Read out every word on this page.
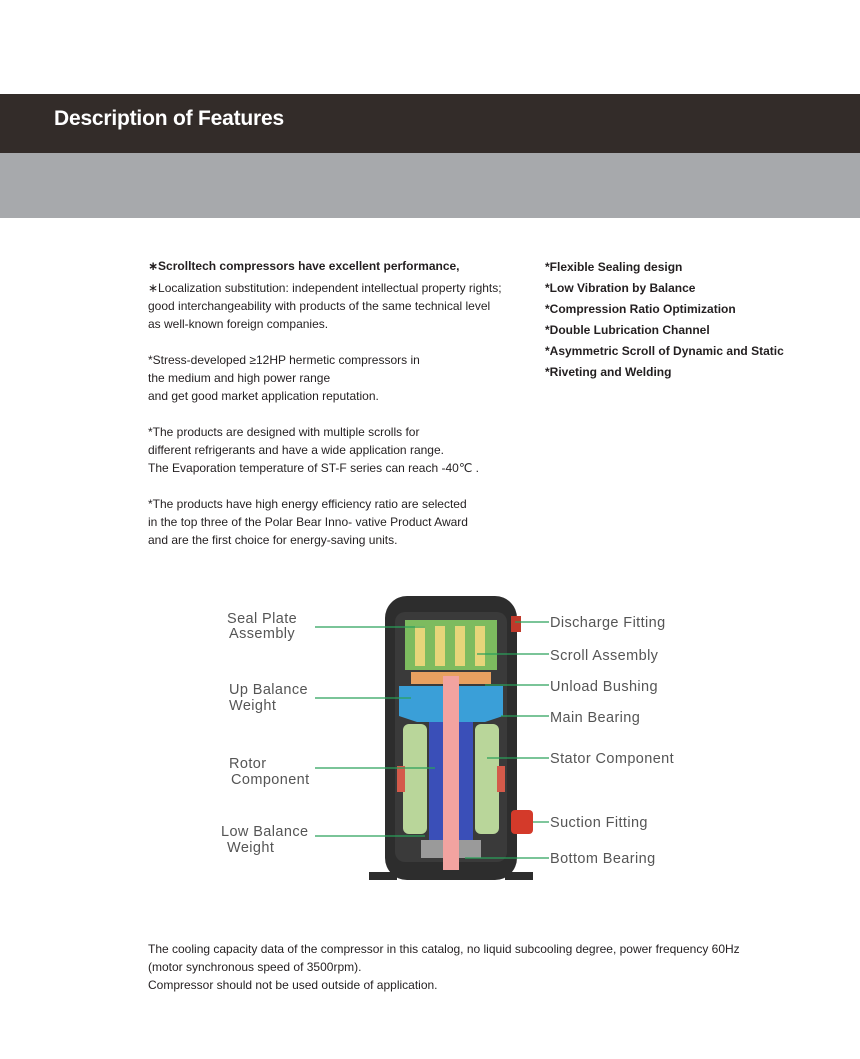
Description of Features

∗Scrolltech compressors have excellent performance,

∗Localization substitution: independent intellectual property rights;
good interchangeability with products of the same technical level
as well-known foreign companies.

*Stress-developed ≥12HP hermetic compressors in
the medium and high power range
and get good market application reputation.

*The products are designed with multiple scrolls for
different refrigerants and have a wide application range.
The Evaporation temperature of ST-F series can reach -40℃ .

*The products have high energy efficiency ratio are selected
in the top three of the Polar Bear Inno- vative Product Award
and are the first choice for energy-saving units.

*Flexible Sealing design
*Low Vibration by Balance
*Compression Ratio Optimization
*Double Lubrication Channel
*Asymmetric Scroll of Dynamic and Static
*Riveting and Welding
Seal Plate
Assembly
Up Balance
Weight
Rotor
Component
Low Balance
Weight
Discharge Fitting
Scroll Assembly
Unload Bushing
Main Bearing
Stator Component
Suction Fitting
Bottom Bearing
The cooling capacity data of the compressor in this catalog, no liquid subcooling degree, power frequency 60Hz
(motor synchronous speed of 3500rpm).
Compressor should not be used outside of application.
